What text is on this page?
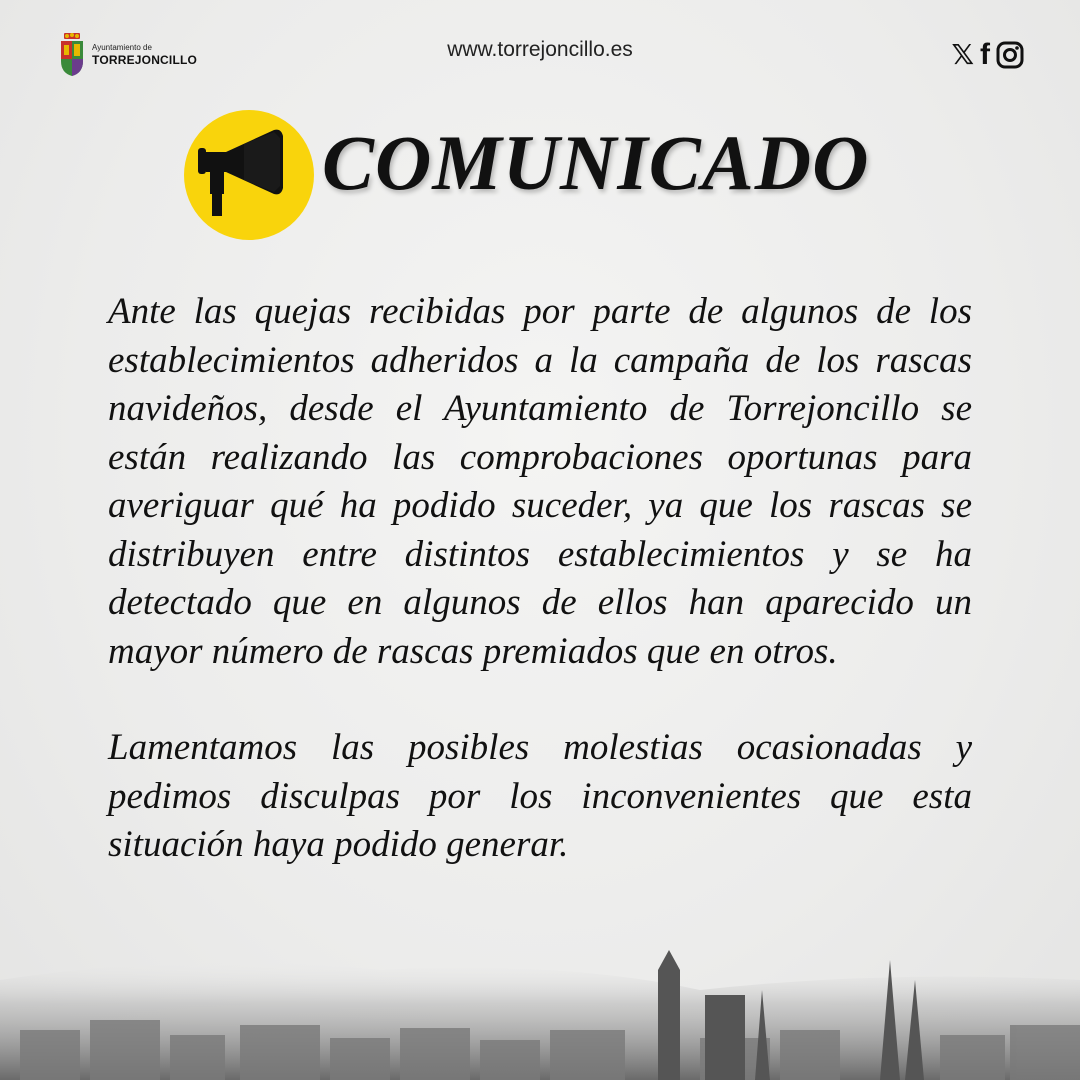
Ayuntamiento de
TORREJONCILLO	www.torrejoncillo.es	𝕏 f
COMUNICADO

Ante las quejas recibidas por parte de algunos de los establecimientos adheridos a la campaña de los rascas navideños, desde el Ayuntamiento de Torrejoncillo se están realizando las comprobaciones oportunas para averiguar qué ha podido suceder, ya que los rascas se distribuyen entre distintos establecimientos y se ha detectado que en algunos de ellos han aparecido un mayor número de rascas premiados que en otros.

Lamentamos las posibles molestias ocasionadas y pedimos disculpas por los inconvenientes que esta situación haya podido generar.
